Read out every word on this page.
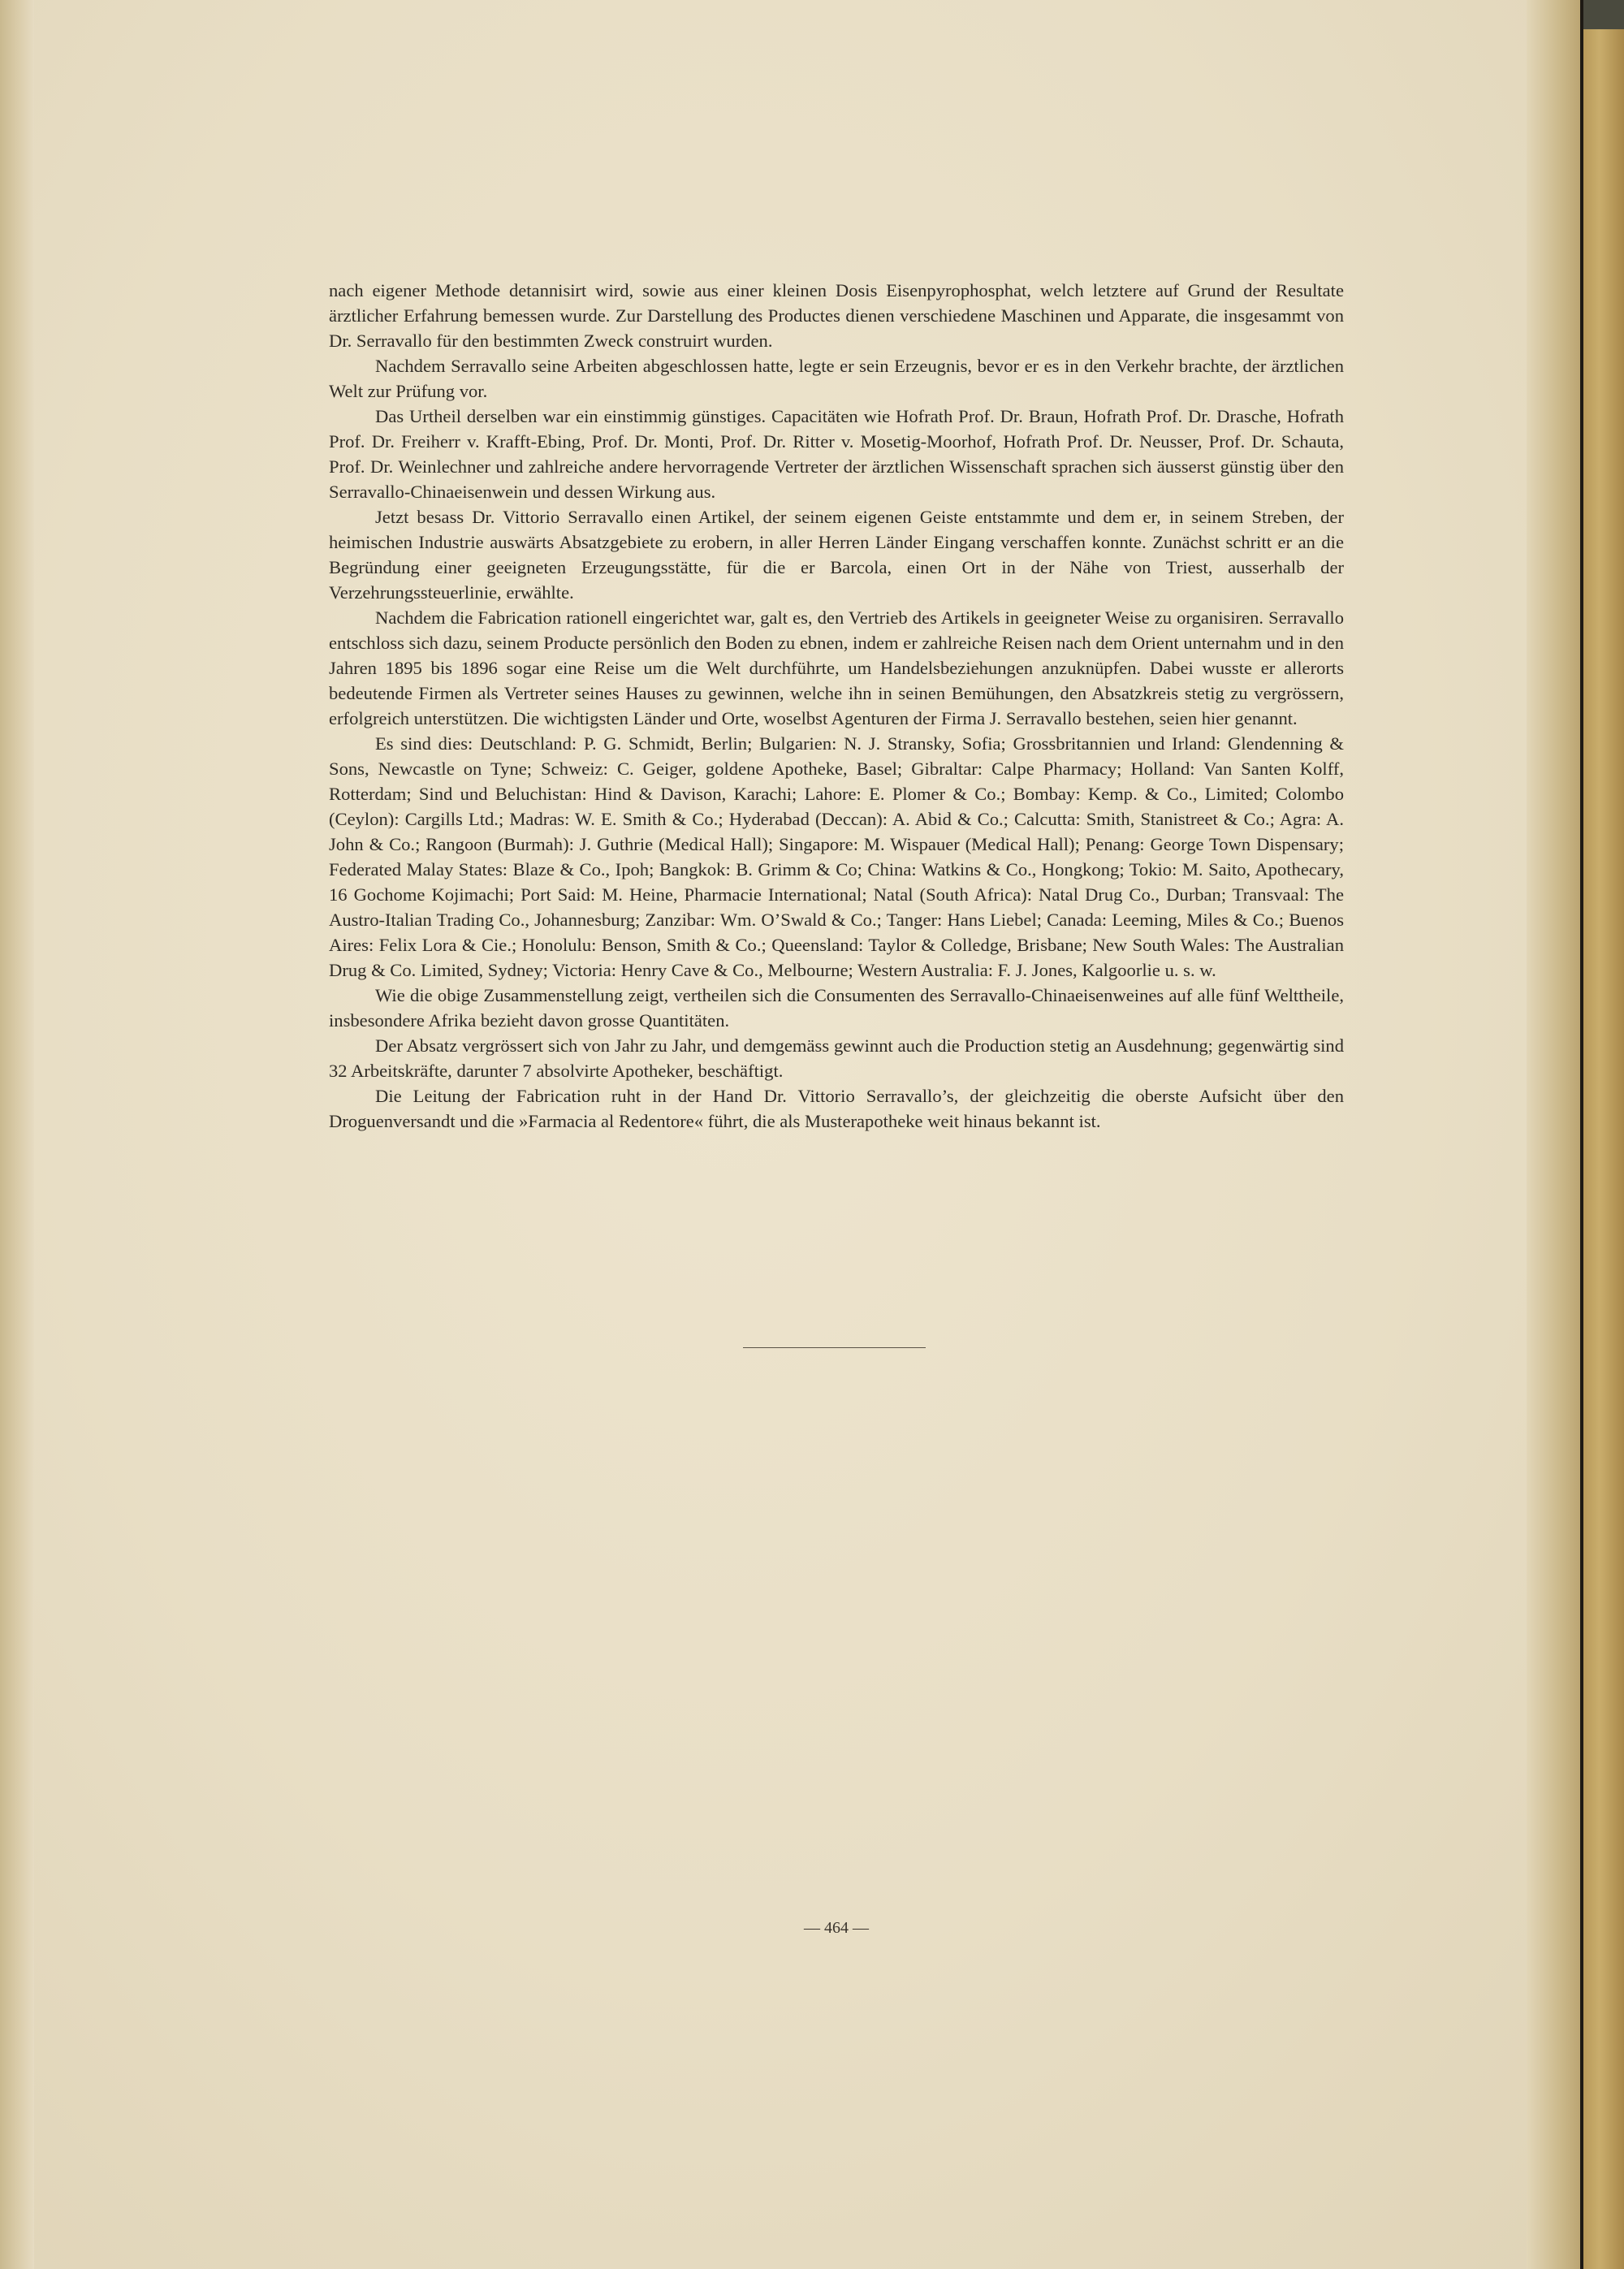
nach eigener Methode detannisirt wird, sowie aus einer kleinen Dosis Eisenpyrophosphat, welch letztere auf Grund der Resultate ärztlicher Erfahrung bemessen wurde. Zur Darstellung des Productes dienen verschiedene Maschinen und Apparate, die insgesammt von Dr. Serravallo für den bestimmten Zweck construirt wurden.

Nachdem Serravallo seine Arbeiten abgeschlossen hatte, legte er sein Erzeugnis, bevor er es in den Verkehr brachte, der ärztlichen Welt zur Prüfung vor.

Das Urtheil derselben war ein einstimmig günstiges. Capacitäten wie Hofrath Prof. Dr. Braun, Hofrath Prof. Dr. Drasche, Hofrath Prof. Dr. Freiherr v. Krafft-Ebing, Prof. Dr. Monti, Prof. Dr. Ritter v. Mosetig-Moorhof, Hofrath Prof. Dr. Neusser, Prof. Dr. Schauta, Prof. Dr. Weinlechner und zahlreiche andere hervorragende Vertreter der ärztlichen Wissenschaft sprachen sich äusserst günstig über den Serravallo-Chinaeisenwein und dessen Wirkung aus.

Jetzt besass Dr. Vittorio Serravallo einen Artikel, der seinem eigenen Geiste entstammte und dem er, in seinem Streben, der heimischen Industrie auswärts Absatzgebiete zu erobern, in aller Herren Länder Eingang verschaffen konnte. Zunächst schritt er an die Begründung einer geeigneten Erzeugungsstätte, für die er Barcola, einen Ort in der Nähe von Triest, ausserhalb der Verzehrungssteuerlinie, erwählte.

Nachdem die Fabrication rationell eingerichtet war, galt es, den Vertrieb des Artikels in geeigneter Weise zu organisiren. Serravallo entschloss sich dazu, seinem Producte persönlich den Boden zu ebnen, indem er zahlreiche Reisen nach dem Orient unternahm und in den Jahren 1895 bis 1896 sogar eine Reise um die Welt durchführte, um Handelsbeziehungen anzuknüpfen. Dabei wusste er allerorts bedeutende Firmen als Vertreter seines Hauses zu gewinnen, welche ihn in seinen Bemühungen, den Absatzkreis stetig zu vergrössern, erfolgreich unterstützen. Die wichtigsten Länder und Orte, woselbst Agenturen der Firma J. Serravallo bestehen, seien hier genannt.

Es sind dies: Deutschland: P. G. Schmidt, Berlin; Bulgarien: N. J. Stransky, Sofia; Grossbritannien und Irland: Glendenning & Sons, Newcastle on Tyne; Schweiz: C. Geiger, goldene Apotheke, Basel; Gibraltar: Calpe Pharmacy; Holland: Van Santen Kolff, Rotterdam; Sind und Beluchistan: Hind & Davison, Karachi; Lahore: E. Plomer & Co.; Bombay: Kemp. & Co., Limited; Colombo (Ceylon): Cargills Ltd.; Madras: W. E. Smith & Co.; Hyderabad (Deccan): A. Abid & Co.; Calcutta: Smith, Stanistreet & Co.; Agra: A. John & Co.; Rangoon (Burmah): J. Guthrie (Medical Hall); Singapore: M. Wispauer (Medical Hall); Penang: George Town Dispensary; Federated Malay States: Blaze & Co., Ipoh; Bangkok: B. Grimm & Co; China: Watkins & Co., Hongkong; Tokio: M. Saito, Apothecary, 16 Gochome Kojimachi; Port Said: M. Heine, Pharmacie International; Natal (South Africa): Natal Drug Co., Durban; Transvaal: The Austro-Italian Trading Co., Johannesburg; Zanzibar: Wm. O’Swald & Co.; Tanger: Hans Liebel; Canada: Leeming, Miles & Co.; Buenos Aires: Felix Lora & Cie.; Honolulu: Benson, Smith & Co.; Queensland: Taylor & Colledge, Brisbane; New South Wales: The Australian Drug & Co. Limited, Sydney; Victoria: Henry Cave & Co., Melbourne; Western Australia: F. J. Jones, Kalgoorlie u. s. w.

Wie die obige Zusammenstellung zeigt, vertheilen sich die Consumenten des Serravallo-Chinaeisenweines auf alle fünf Welttheile, insbesondere Afrika bezieht davon grosse Quantitäten.

Der Absatz vergrössert sich von Jahr zu Jahr, und demgemäss gewinnt auch die Production stetig an Ausdehnung; gegenwärtig sind 32 Arbeitskräfte, darunter 7 absolvirte Apotheker, beschäftigt.

Die Leitung der Fabrication ruht in der Hand Dr. Vittorio Serravallo’s, der gleichzeitig die oberste Aufsicht über den Droguenversandt und die »Farmacia al Redentore« führt, die als Musterapotheke weit hinaus bekannt ist.

— 464 —
